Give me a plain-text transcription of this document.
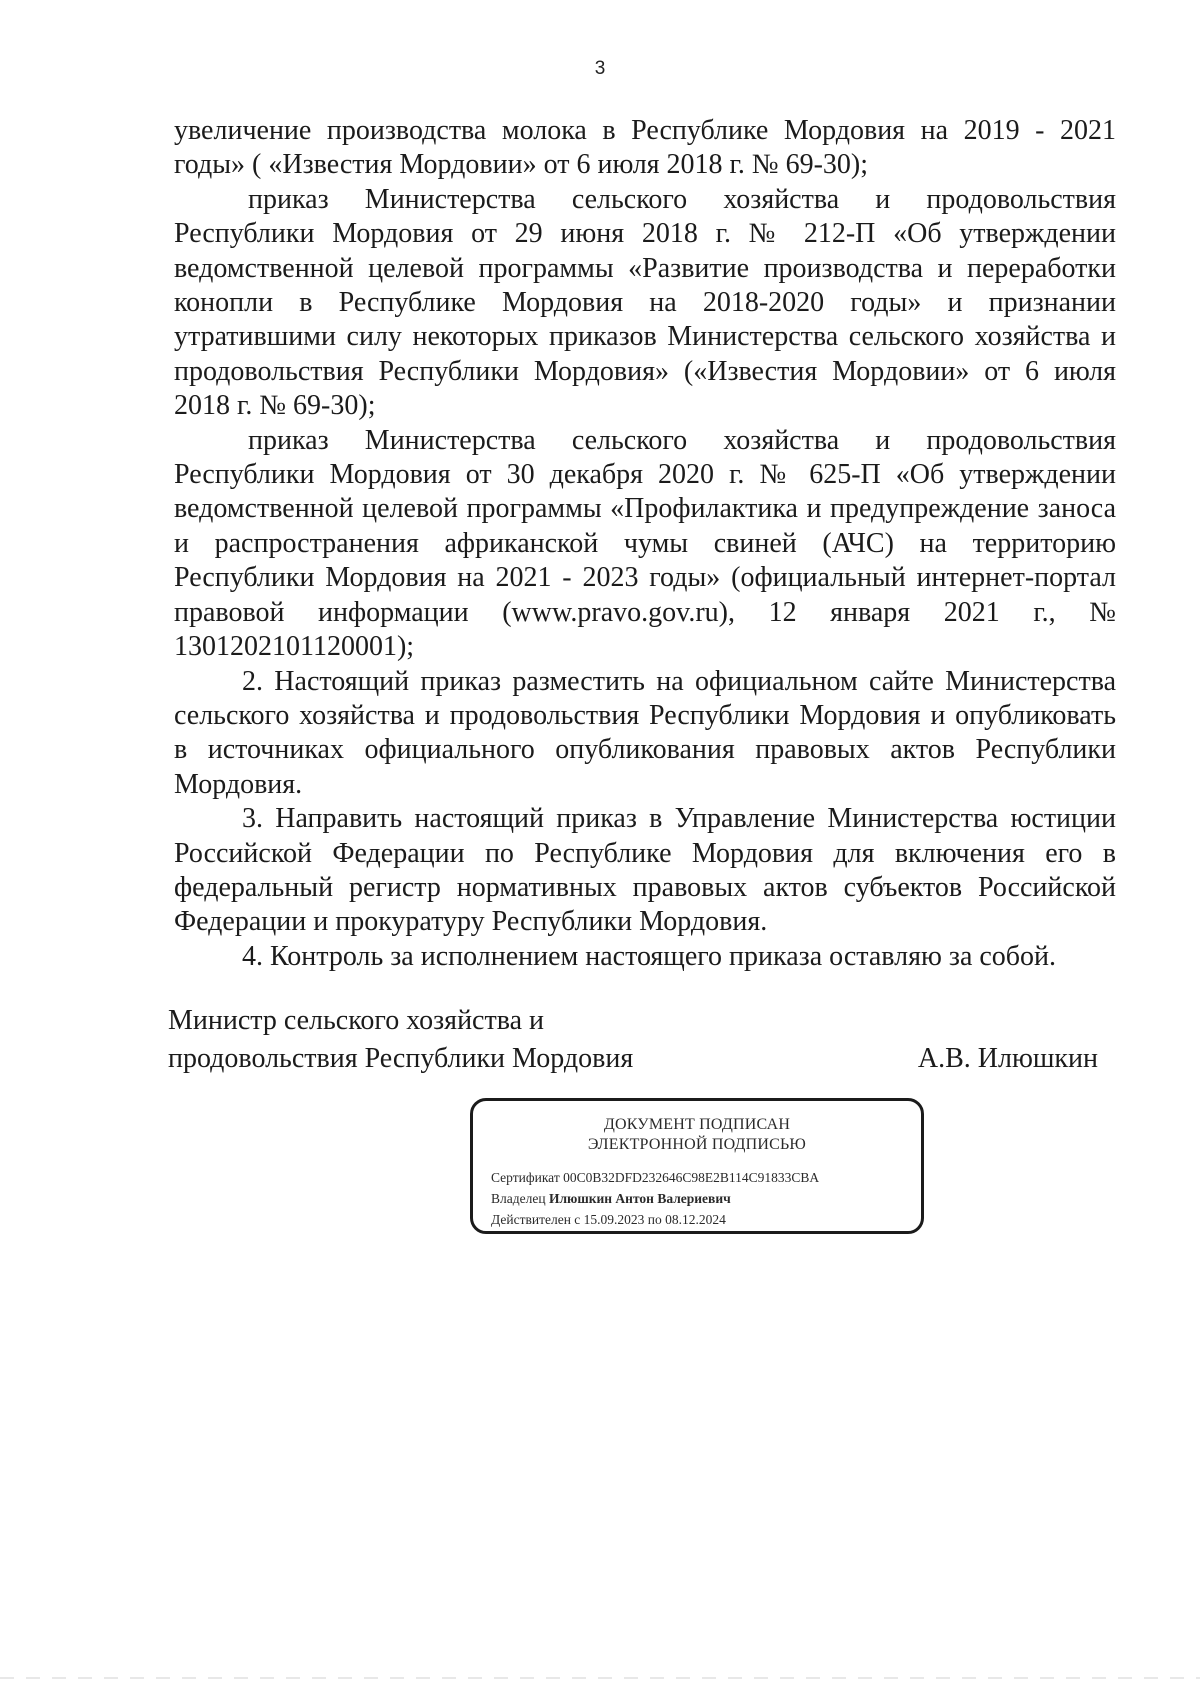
3

увеличение производства молока в Республике Мордовия на 2019 - 2021 годы» ( «Известия Мордовии» от 6 июля 2018 г. № 69-30);

приказ Министерства сельского хозяйства и продовольствия Республики Мордовия от 29 июня 2018 г. № 212-П «Об утверждении ведомственной целевой программы «Развитие производства и переработки конопли в Республике Мордовия на 2018-2020 годы» и признании утратившими силу некоторых приказов Министерства сельского хозяйства и продовольствия Республики Мордовия» («Известия Мордовии» от 6 июля 2018 г. № 69-30);

приказ Министерства сельского хозяйства и продовольствия Республики Мордовия от 30 декабря 2020 г. № 625-П «Об утверждении ведомственной целевой программы «Профилактика и предупреждение заноса и распространения африканской чумы свиней (АЧС) на территорию Республики Мордовия на 2021 - 2023 годы» (официальный интернет-портал правовой информации (www.pravo.gov.ru), 12 января 2021 г., № 1301202101120001);

2. Настоящий приказ разместить на официальном сайте Министерства сельского хозяйства и продовольствия Республики Мордовия и опубликовать в источниках официального опубликования правовых актов Республики Мордовия.

3. Направить настоящий приказ в Управление Министерства юстиции Российской Федерации по Республике Мордовия для включения его в федеральный регистр нормативных правовых актов субъектов Российской Федерации и прокуратуру Республики Мордовия.

4. Контроль за исполнением настоящего приказа оставляю за собой.

Министр сельского хозяйства и
продовольствия Республики Мордовия	А.В. Илюшкин
ДОКУМЕНТ ПОДПИСАН
ЭЛЕКТРОННОЙ ПОДПИСЬЮ
Сертификат 00C0B32DFD232646C98E2B114C91833CBA
Владелец Илюшкин Антон Валериевич
Действителен с 15.09.2023 по 08.12.2024
